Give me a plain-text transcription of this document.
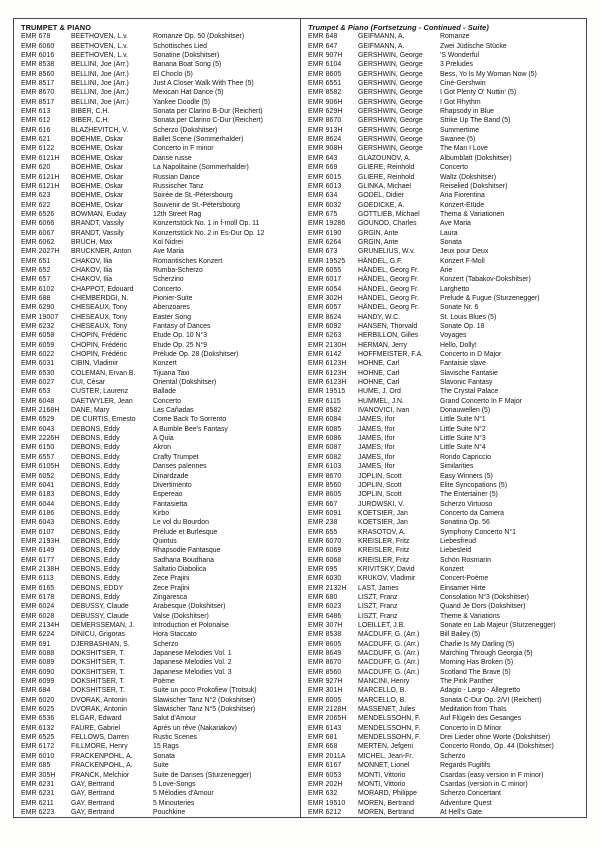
TRUMPET & PIANO
EMR 678	BEETHOVEN, L.v.	Romanze Op. 50 (Dokshitser)
EMR 6060	BEETHOVEN, L.v.	Schottisches Lied
EMR 6016	BEETHOVEN, L.v.	Sonatine (Dokshitser)
EMR 8538	BELLINI, Joe (Arr.)	Banana Boat Song (5)
EMR 8560	BELLINI, Joe (Arr.)	El Choclo (5)
EMR 8517	BELLINI, Joe (Arr.)	Just A Closer Walk With Thee (5)
EMR 8670	BELLINI, Joe (Arr.)	Mexican Hat Dance (5)
EMR 8517	BELLINI, Joe (Arr.)	Yankee Doodle (5)
EMR 613	BIBER, C.H.	Sonata per Clarino B-Dur (Reichert)
EMR 612	BIBER, C.H.	Sonata per Clarino C-Dur (Reichert)
EMR 616	BLAZHEVITCH, V.	Scherzo (Dokshitser)
EMR 621	BOEHME, Oskar	Ballet Scene (Sommerhalder)
EMR 6122	BOEHME, Oskar	Concerto in F minor
EMR 6121H	BOEHME, Oskar	Danse russe
EMR 620	BOEHME, Oskar	La Napolitaine (Sommerhalder)
EMR 6121H	BOEHME, Oskar	Russian Dance
EMR 6121H	BOEHME, Oskar	Russischer Tanz
EMR 623	BOEHME, Oskar	Soirée de St.-Pétersbourg
EMR 622	BOEHME, Oskar	Souvenir de St.-Pétersbourg
EMR 6526	BOWMAN, Euday	12th Street Rag
EMR 6066	BRANDT, Vassily	Konzertstück No. 1 in f-moll Op. 11
EMR 6067	BRANDT, Vassily	Konzertstück No. 2 in Es-Dur Op. 12
EMR 6062	BRUCH, Max	Kol Nidrei
EMR 2027H	BRUCKNER, Anton	Ave Maria
EMR 651	CHAKOV, Ilia	Romantisches Konzert
EMR 652	CHAKOV, Ilia	Rumba-Scherzo
EMR 657	CHAKOV, Ilia	Scherzino
EMR 6102	CHAPPOT, Edouard	Concerto
EMR 688	CHEMBERDGI, N.	Pionier-Suite
EMR 6290	CHESEAUX, Tony	Abenzoares
EMR 19007	CHESEAUX, Tony	Easter Song
EMR 6232	CHESEAUX, Tony	Fantasy of Dances
EMR 6058	CHOPIN, Frédéric	Etude Op. 10 N°3
EMR 6059	CHOPIN, Frédéric	Etude Op. 25 N°9
EMR 6022	CHOPIN, Frédéric	Prélude Op. 28 (Dokshitser)
EMR 6031	CIBIN, Vladimir	Konzert
EMR 6530	COLEMAN, Ervan B.	Tijuana Taxi
EMR 6027	CUI, César	Oriental (Dokshitser)
EMR 653	CUSTER, Laurenz	Ballade
EMR 6048	DAETWYLER, Jean	Concerto
EMR 2168H	DANE, Mary	Las Cañadas
EMR 6529	DE CURTIS, Ernesto	Come Back To Sorrento
EMR 6043	DEBONS, Eddy	A Bumble Bee's Fantasy
EMR 2226H	DEBONS, Eddy	A Quia
EMR 6150	DEBONS, Eddy	Akron
EMR 6557	DEBONS, Eddy	Crafty Trumpet
EMR 6105H	DEBONS, Eddy	Danses païennes
EMR 6052	DEBONS, Eddy	Dinardzade
EMR 6041	DEBONS, Eddy	Divertimento
EMR 6183	DEBONS, Eddy	Espereao
EMR 6044	DEBONS, Eddy	Fantasietta
EMR 6186	DEBONS, Eddy	Kirbo
EMR 6043	DEBONS, Eddy	Le vol du Bourdon
EMR 6107	DEBONS, Eddy	Prélude et Burlesque
EMR 2193H	DEBONS, Eddy	Quintus
EMR 6149	DEBONS, Eddy	Rhapsodie Fantasque
EMR 6177	DEBONS, Eddy	Sadhana Boudhana
EMR 2138H	DEBONS, Eddy	Saltatio Diabolica
EMR 6113	DEBONS, Eddy	Zece Prajini
EMR 6165	DEBONS, EDDY	Zece Prajini
EMR 6178	DEBONS, Eddy	Zingaresca
EMR 6024	DEBUSSY, Claude	Arabesque (Dokshitser)
EMR 6028	DEBUSSY, Claude	Valse (Dokshitser)
EMR 2134H	DEMERSSEMAN, J.	Introduction et Polonaise
EMR 6224	DINICU, Grigoras	Hora Staccato
EMR 691	DJERBASHIAN, S.	Scherzo
EMR 6088	DOKSHITSER, T.	Japanese Melodies Vol. 1
EMR 6089	DOKSHITSER, T.	Japanese Melodies Vol. 2
EMR 6090	DOKSHITSER, T.	Japanese Melodies Vol. 3
EMR 6099	DOKSHITSER, T.	Poème
EMR 684	DOKSHITSER, T.	Suite un poco Prokofiew (Trotsuk)
EMR 6020	DVORAK, Antonin	Slawischer Tanz N°2 (Dokshitser)
EMR 6025	DVORAK, Antonin	Slawischer Tanz N°5 (Dokshitser)
EMR 6536	ELGAR, Edward	Salut d'Amour
EMR 6132	FAURE, Gabriel	Après un rêve (Nakariakov)
EMR 6525	FELLOWS, Darren	Rustic Scenes
EMR 6172	FILLMORE, Henry	15 Rags
EMR 6010	FRACKENPOHL, A.	Sonata
EMR 685	FRACKENPOHL, A.	Suite
EMR 305H	FRANCK, Melchior	Suite de Danses (Sturzenegger)
EMR 6231	GAY, Bertrand	5 Love-Songs
EMR 6231	GAY, Bertrand	5 Mélodies d'Amour
EMR 6211	GAY, Bertrand	5 Minouteries
EMR 6223	GAY, Bertrand	Pouchkine
Trumpet & Piano (Fortsetzung - Continued - Suite)
EMR 648	GEIFMANN, A.	Romanze
EMR 647	GEIFMANN, A.	Zwei Jüdische Stücke
EMR 907H	GERSHWIN, George	'S Wonderful
EMR 6104	GERSHWIN, George	3 Preludes
EMR 8605	GERSHWIN, George	Bess, Yo Is My Woman Now (5)
EMR 6551	GERSHWIN, George	Ciné-Gershwin
EMR 8582	GERSHWIN, George	I Got Plenty O' Nuttin' (5)
EMR 906H	GERSHWIN, George	I Got Rhythm
EMR 629H	GERSHWIN, George	Rhapsody in Blue
EMR 8670	GERSHWIN, George	Strike Up The Band (5)
EMR 913H	GERSHWIN, George	Summertime
EMR 8624	GERSHWIN, George	Swanee (5)
EMR 908H	GERSHWIN, George	The Man I Love
EMR 643	GLAZOUNOV, A.	Albumblatt (Dokshitser)
EMR 669	GLIERE, Reinhold	Concerto
EMR 6015	GLIERE, Reinhold	Waltz (Dokshitser)
EMR 6013	GLINKA, Michael	Reiselied (Dokshitser)
EMR 634	GODEL, Didier	Aria Fiorentina
EMR 6032	GOEDICKE, A.	Konzert-Etüde
EMR 675	GOTTLIEB, Michael	Thema & Variationen
EMR 19286	GOUNOD, Charles	Ave Maria
EMR 6190	GRGIN, Ante	Laura
EMR 6264	GRGIN, Ante	Sonata
EMR 673	GRUNELIUS, W.v.	Jeux pour Deux
EMR 19525	HÄNDEL, G.F.	Konzert F-Moll
EMR 6055	HÄNDEL, Georg Fr.	Arie
EMR 6017	HÄNDEL, Georg Fr.	Konzert (Tabakov-Dokshitser)
EMR 6054	HÄNDEL, Georg Fr.	Larghetto
EMR 302H	HÄNDEL, Georg Fr.	Prelude & Fugue (Sturzenegger)
EMR 6057	HÄNDEL, Georg Fr.	Sonate Nr. 6
EMR 8624	HANDY, W.C.	St. Louis Blues (5)
EMR 6092	HANSEN, Thorvald	Sonate Op. 18
EMR 6263	HERBILLON, Gilles	Voyages
EMR 2130H	HERMAN, Jerry	Hello, Dolly!
EMR 6142	HOFFMEISTER, F.A.	Concerto in D Major
EMR 6123H	HÖHNE, Carl	Fantaisie slave
EMR 6123H	HÖHNE, Carl	Slavische Fantasie
EMR 6123H	HÖHNE, Carl	Slavonic Fantasy
EMR 19515	HUME, J. Ord	The Crystal Palace
EMR 6115	HUMMEL, J.N.	Grand Concerto In F Major
EMR 8582	IVANOVICI, Ivan	Donauwellen (5)
EMR 6084	JAMES, Ifor	Little Suite N°1
EMR 6085	JAMES, Ifor	Little Suite N°2
EMR 6086	JAMES, Ifor	Little Suite N°3
EMR 6087	JAMES, Ifor	Little Suite N°4
EMR 6082	JAMES, Ifor	Rondo Capriccio
EMR 6103	JAMES, Ifor	Similarities
EMR 8670	JOPLIN, Scott	Easy Winners (5)
EMR 8560	JOPLIN, Scott	Elite Syncopations (5)
EMR 8605	JOPLIN, Scott	The Entertainer (5)
EMR 667	JUROWSKI, V.	Scherzo Virtuoso
EMR 6091	KOETSIER, Jan	Concerto da Camera
EMR 238	KOETSIER, Jan	Sonatina Op. 56
EMR 655	KRASOTOV, A.	Symphony Concerto N°1
EMR 6070	KREISLER, Fritz	Liebesfreud
EMR 6069	KREISLER, Fritz	Liebesleid
EMR 6068	KREISLER, Fritz	Schön Rosmarin
EMR 695	KRIVITSKY, David	Konzert
EMR 6030	KRUKOV, Vladimir	Concert-Poème
EMR 2132H	LAST, James	Einsamer Hirte
EMR 680	LISZT, Franz	Consolation N°3 (Dokshitser)
EMR 6023	LISZT, Franz	Quand Je Dors (Dokshitser)
EMR 6486	LISZT, Franz	Theme & Variations
EMR 307H	LOEILLET, J.B.	Sonate en Lab Majeur (Sturzenegger)
EMR 8538	MACDUFF, G. (Arr.)	Bill Bailey (5)
EMR 8605	MACDUFF, G. (Arr.)	Charlie Is My Darling (5)
EMR 8649	MACDUFF, G. (Arr.)	Marching Through Georgia (5)
EMR 8670	MACDUFF, G. (Arr.)	Morning Has Broken (5)
EMR 8560	MACDUFF, G. (Arr.)	Scotland The Brave (5)
EMR 927H	MANCINI, Henry	The Pink Panther
EMR 301H	MARCELLO, B.	Adagio - Largo - Allegretto
EMR 6005	MARCELLO, B.	Sonata C-Dur Op. 2/VI (Reichert)
EMR 2128H	MASSENET, Jules	Meditation from Thaïs
EMR 2065H	MENDELSSOHN, F.	Auf Flügeln des Gesanges
EMR 6143	MENDELSSOHN, F.	Concerto in D Minor
EMR 681	MENDELSSOHN, F.	Drei Lieder ohne Worte (Dokshitser)
EMR 668	MERTEN, Jefgeni	Concerto Rondo, Op. 44 (Dokshitser)
EMR 2011A	MICHEL, Jean-Fr.	Scherzo
EMR 6167	MONNET, Lionel	Regards Fugitifs
EMR 6053	MONTI, Vittorio	Csardas (easy version in F minor)
EMR 202H	MONTI, Vittorio	Csardas (version in C minor)
EMR 632	MORARD, Philippe	Scherzo Concertant
EMR 19510	MOREN, Bertrand	Adventure Quest
EMR 6212	MOREN, Bertrand	At Hell's Gate
